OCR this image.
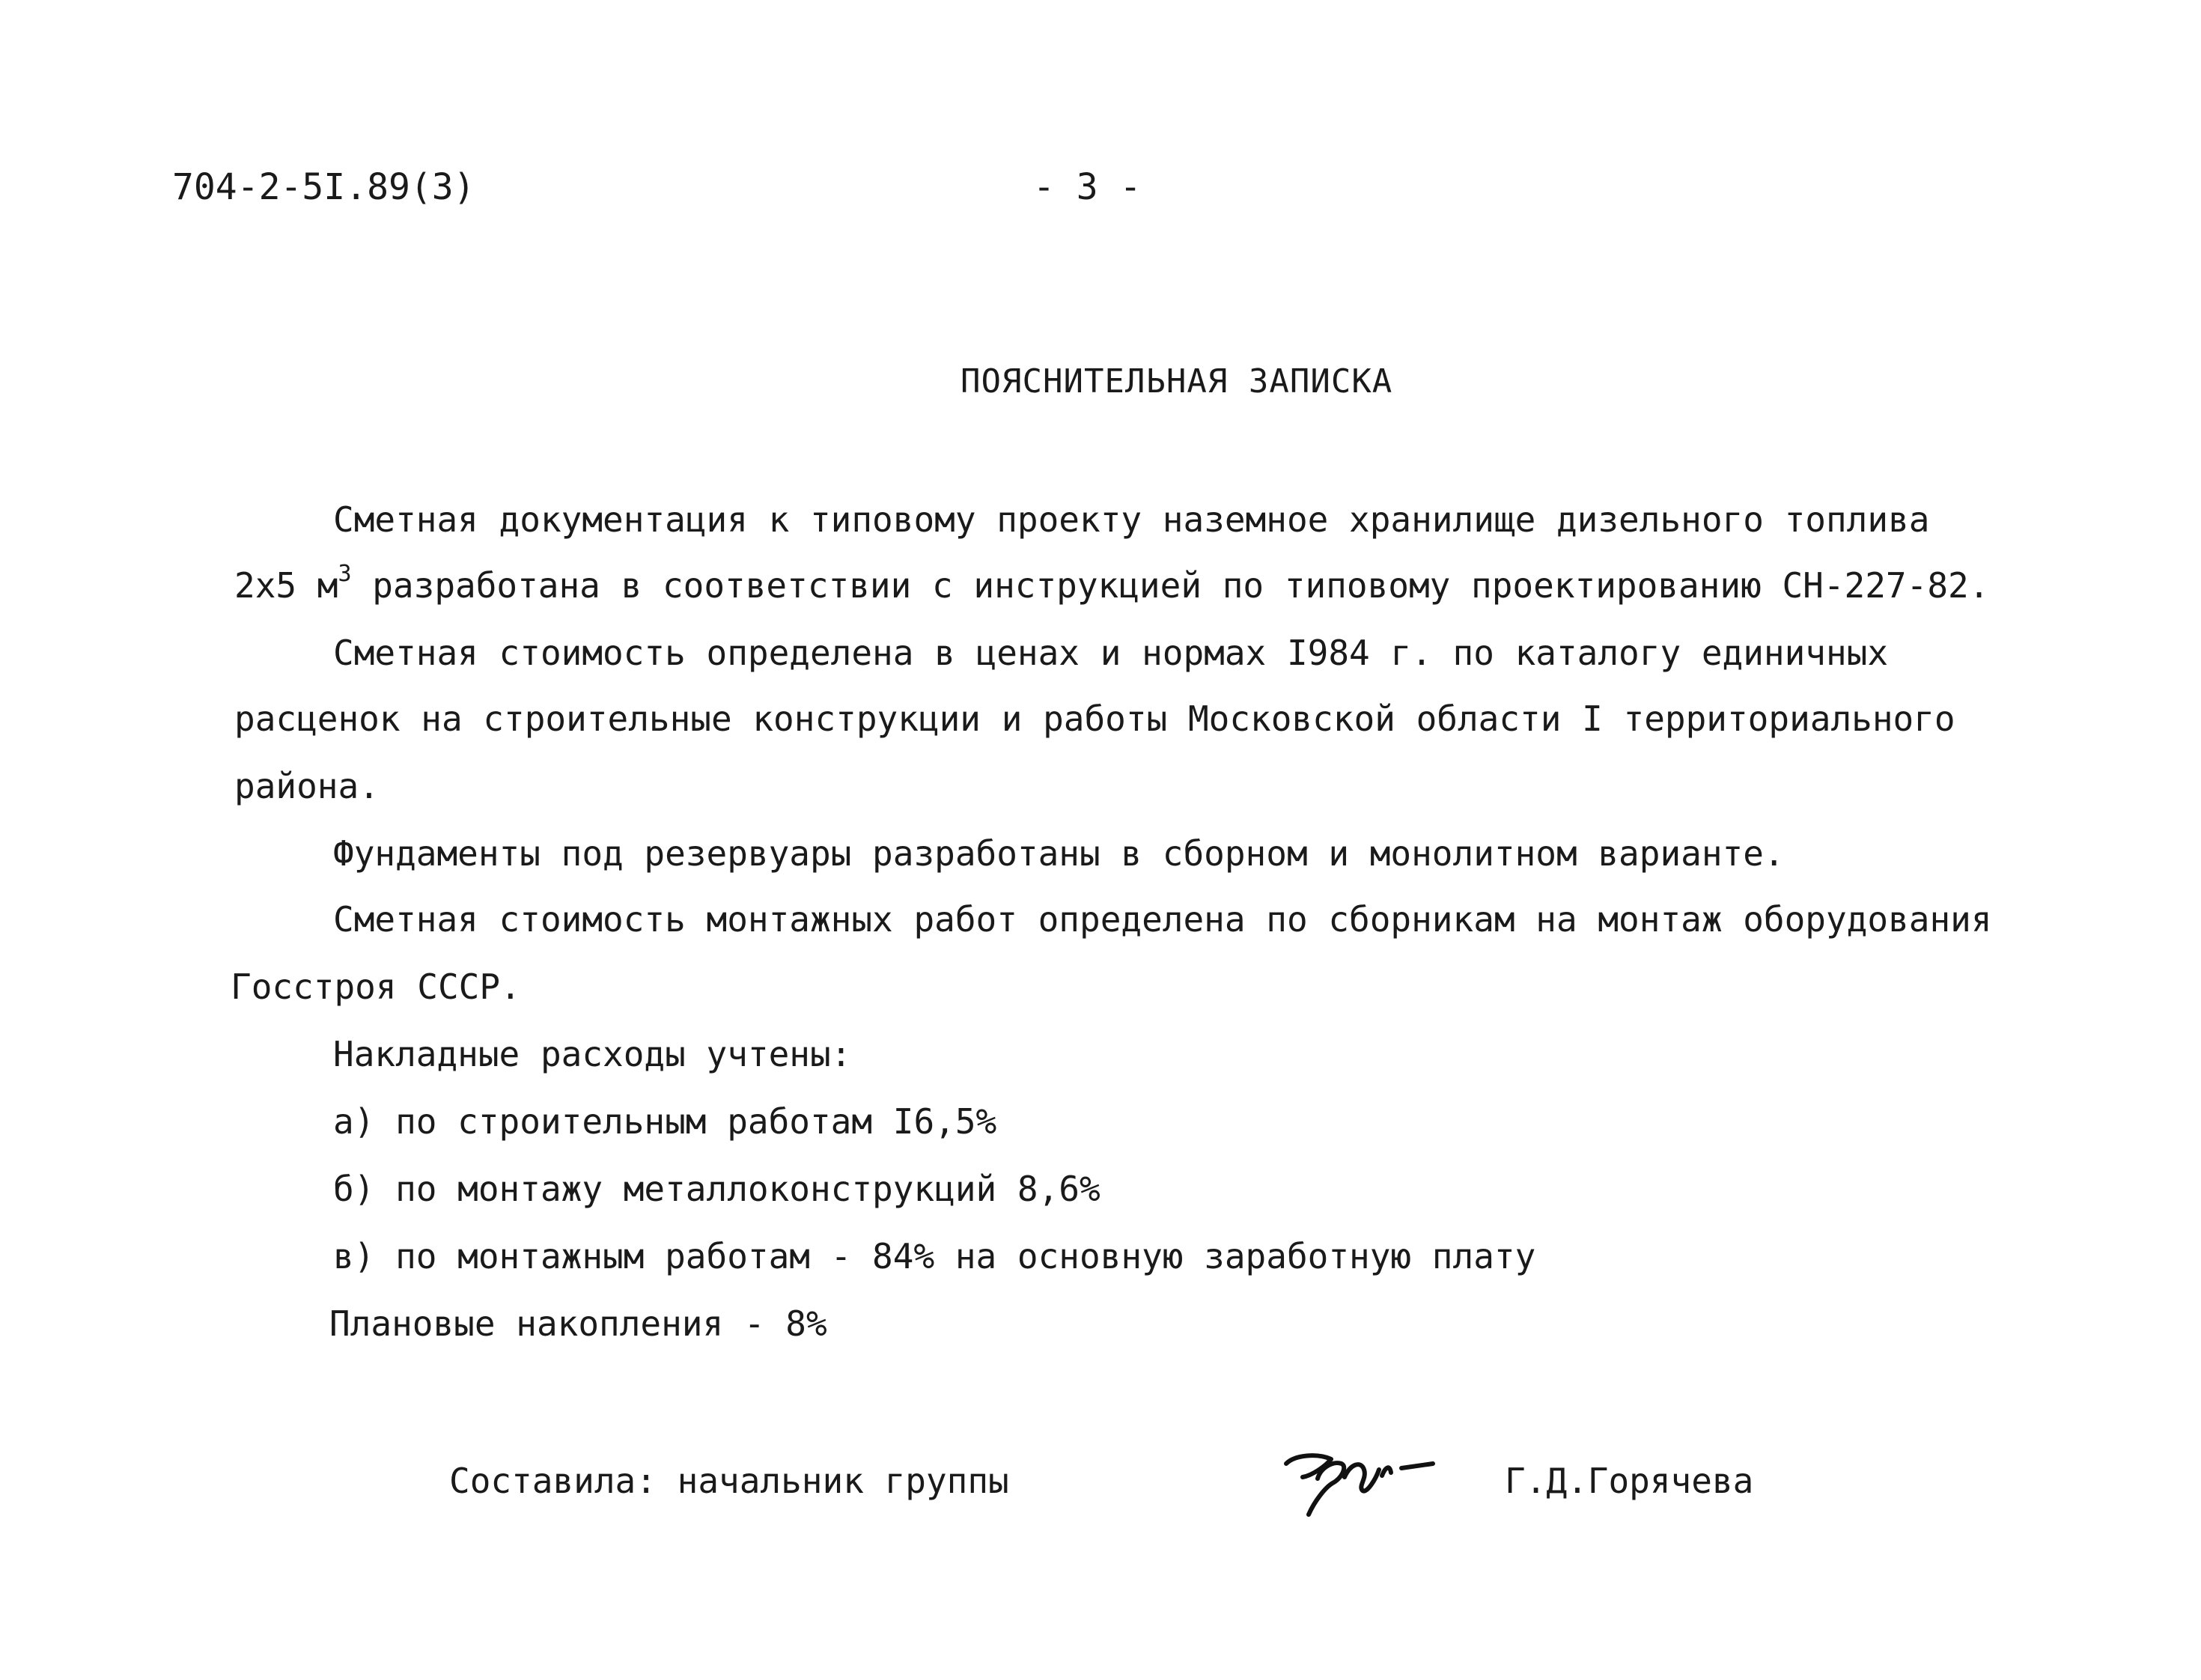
704-2-5I.89(3)	- 3 -
ПОЯСНИТЕЛЬНАЯ ЗАПИСКА
Сметная документация к типовому проекту наземное хранилище дизельного топлива
2х5 $м^3$ разработана в соответствии с инструкцией по типовому проектированию СН-227-82.
Сметная стоимость определена в ценах и нормах I984 г. по каталогу единичных
расценок на строительные конструкции и работы Московской области I территориального
района.
Фундаменты под резервуары разработаны в сборном и монолитном варианте.
Сметная стоимость монтажных работ определена по сборникам на монтаж оборудования
Госстроя СССР.
Накладные расходы учтены:
а) по строительным работам I6,5%
б) по монтажу металлоконструкций 8,6%
в) по монтажным работам - 84% на основную заработную плату
Плановые накопления - 8%
Составила: начальник группы	Г.Д.Горячева
